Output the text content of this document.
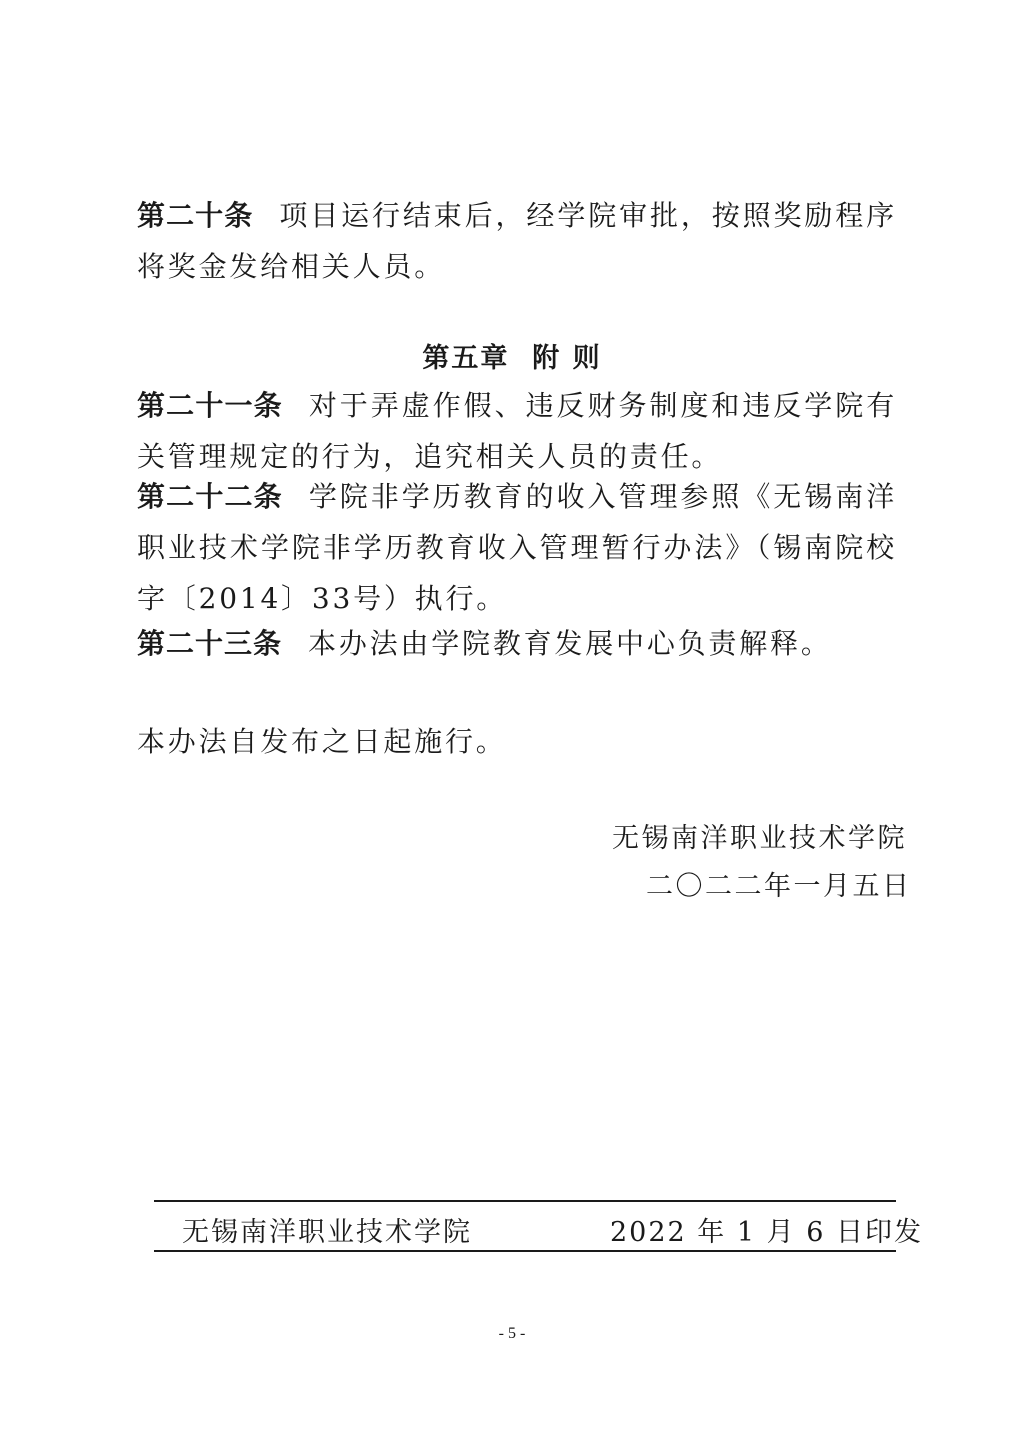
第二十条 项目运行结束后，经学院审批，按照奖励程序将奖金发给相关人员。

第五章  附 则

第二十一条 对于弄虚作假、违反财务制度和违反学院有关管理规定的行为，追究相关人员的责任。

第二十二条 学院非学历教育的收入管理参照《无锡南洋职业技术学院非学历教育收入管理暂行办法》（锡南院校字〔2014〕33号）执行。

第二十三条 本办法由学院教育发展中心负责解释。

本办法自发布之日起施行。

无锡南洋职业技术学院
二〇二二年一月五日
无锡南洋职业技术学院	2022 年 1 月 6 日印发
- 5 -
